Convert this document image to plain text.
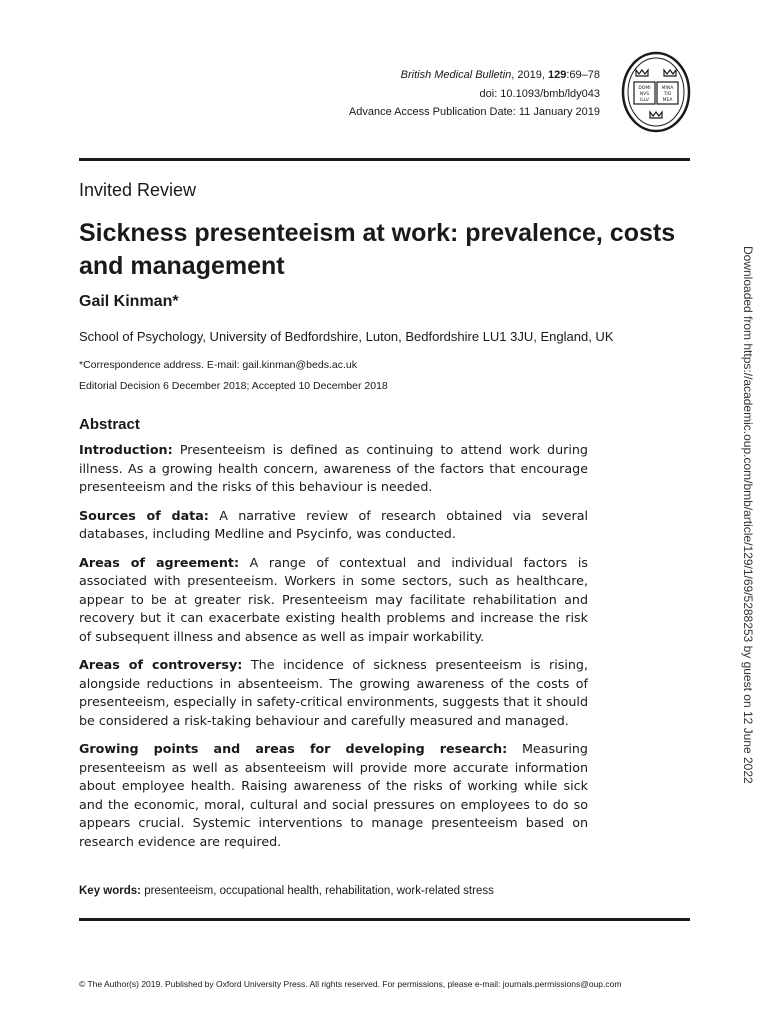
British Medical Bulletin, 2019, 129:69–78
doi: 10.1093/bmb/ldy043
Advance Access Publication Date: 11 January 2019
DOMI
NVS
ILLV
MINA
TIO
MEA
Invited Review
Sickness presenteeism at work: prevalence, costs and management
Gail Kinman*
School of Psychology, University of Bedfordshire, Luton, Bedfordshire LU1 3JU, England, UK
*Correspondence address. E-mail: gail.kinman@beds.ac.uk
Editorial Decision 6 December 2018; Accepted 10 December 2018
Abstract

Introduction: Presenteeism is defined as continuing to attend work during illness. As a growing health concern, awareness of the factors that encourage presenteeism and the risks of this behaviour is needed.

Sources of data: A narrative review of research obtained via several databases, including Medline and Psycinfo, was conducted.

Areas of agreement: A range of contextual and individual factors is associated with presenteeism. Workers in some sectors, such as healthcare, appear to be at greater risk. Presenteeism may facilitate rehabilitation and recovery but it can exacerbate existing health problems and increase the risk of subsequent illness and absence as well as impair workability.

Areas of controversy: The incidence of sickness presenteeism is rising, alongside reductions in absenteeism. The growing awareness of the costs of presenteeism, especially in safety-critical environments, suggests that it should be considered a risk-taking behaviour and carefully measured and managed.

Growing points and areas for developing research: Measuring presenteeism as well as absenteeism will provide more accurate information about employee health. Raising awareness of the risks of working while sick and the economic, moral, cultural and social pressures on employees to do so appears crucial. Systemic interventions to manage presenteeism based on research evidence are required.

Key words: presenteeism, occupational health, rehabilitation, work-related stress
Downloaded from https://academic.oup.com/bmb/article/129/1/69/5288253 by guest on 12 June 2022
© The Author(s) 2019. Published by Oxford University Press. All rights reserved. For permissions, please e-mail: journals.permissions@oup.com
